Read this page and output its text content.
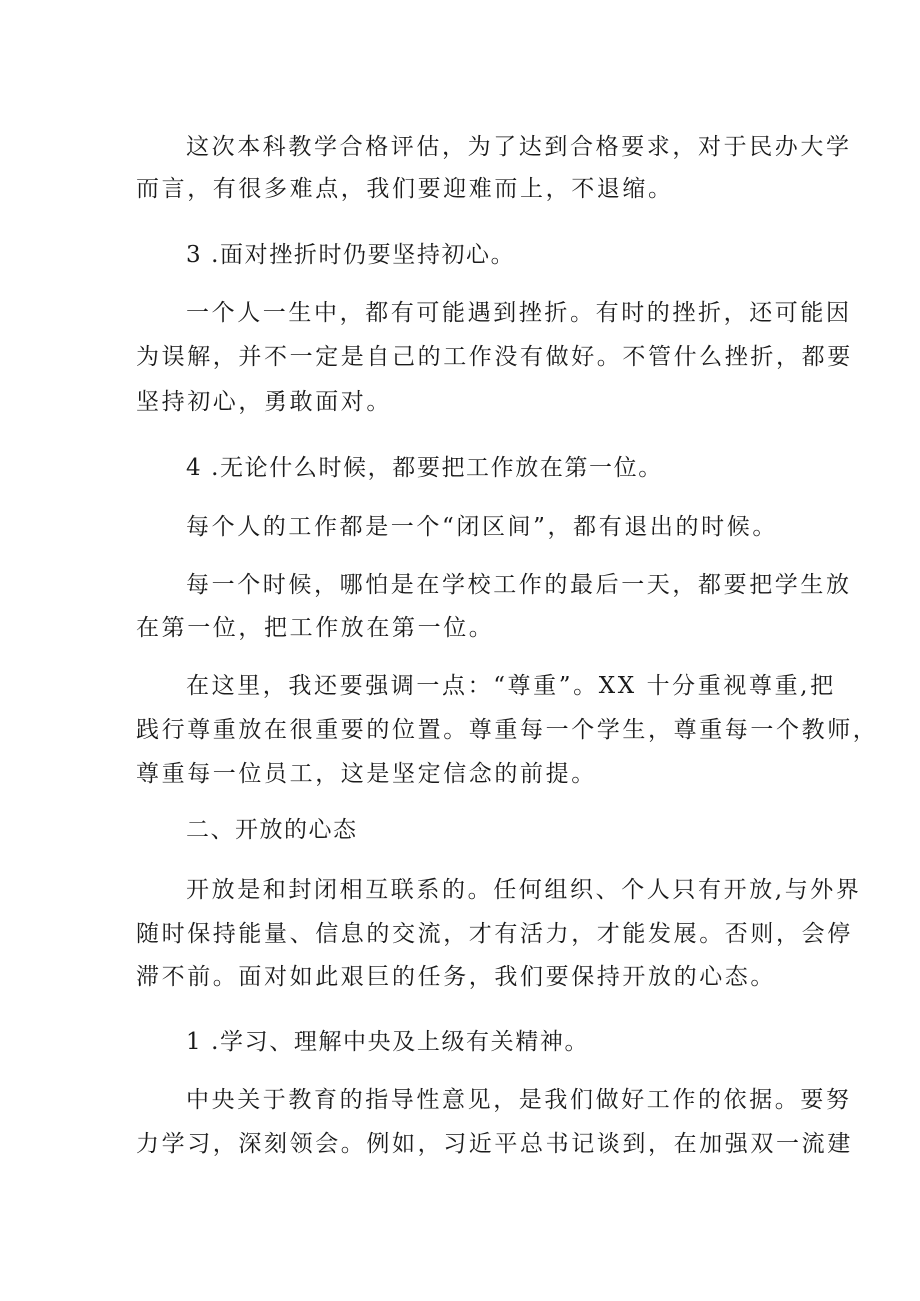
这次本科教学合格评估，为了达到合格要求，对于民办大学
而言，有很多难点，我们要迎难而上，不退缩。
3 .面对挫折时仍要坚持初心。
一个人一生中，都有可能遇到挫折。有时的挫折，还可能因
为误解，并不一定是自己的工作没有做好。不管什么挫折，都要
坚持初心，勇敢面对。
4 .无论什么时候，都要把工作放在第一位。
每个人的工作都是一个“闭区间”，都有退出的时候。
每一个时候，哪怕是在学校工作的最后一天，都要把学生放
在第一位，把工作放在第一位。
在这里，我还要强调一点：“尊重”。XX 十分重视尊重,把
践行尊重放在很重要的位置。尊重每一个学生，尊重每一个教师，
尊重每一位员工，这是坚定信念的前提。
二、开放的心态
开放是和封闭相互联系的。任何组织、个人只有开放,与外界
随时保持能量、信息的交流，才有活力，才能发展。否则，会停
滞不前。面对如此艰巨的任务，我们要保持开放的心态。
1 .学习、理解中央及上级有关精神。
中央关于教育的指导性意见，是我们做好工作的依据。要努
力学习，深刻领会。例如，习近平总书记谈到，在加强双一流建
